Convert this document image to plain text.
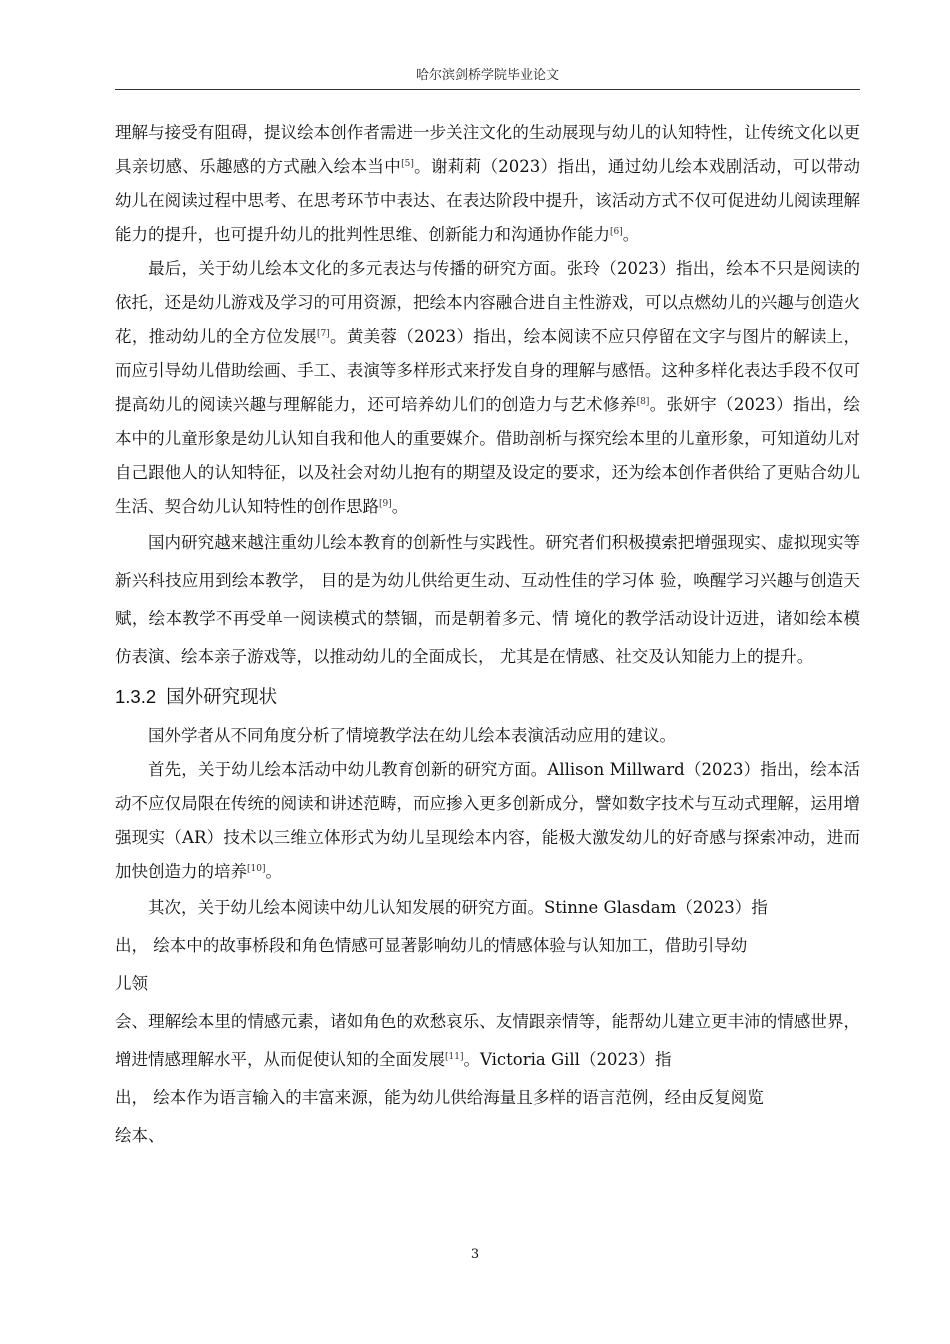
哈尔滨剑桥学院毕业论文

理解与接受有阻碍，提议绘本创作者需进一步关注文化的生动展现与幼儿的认知特性，让传统文化以更具亲切感、乐趣感的方式融入绘本当中[5]。谢莉莉（2023）指出，通过幼儿绘本戏剧活动，可以带动幼儿在阅读过程中思考、在思考环节中表达、在表达阶段中提升，该活动方式不仅可促进幼儿阅读理解能力的提升，也可提升幼儿的批判性思维、创新能力和沟通协作能力[6]。

最后，关于幼儿绘本文化的多元表达与传播的研究方面。张玲（2023）指出，绘本不只是阅读的依托，还是幼儿游戏及学习的可用资源，把绘本内容融合进自主性游戏，可以点燃幼儿的兴趣与创造火花，推动幼儿的全方位发展[7]。黄美蓉（2023）指出，绘本阅读不应只停留在文字与图片的解读上，而应引导幼儿借助绘画、手工、表演等多样形式来抒发自身的理解与感悟。这种多样化表达手段不仅可提高幼儿的阅读兴趣与理解能力，还可培养幼儿们的创造力与艺术修养[8]。张妍宇（2023）指出，绘本中的儿童形象是幼儿认知自我和他人的重要媒介。借助剖析与探究绘本里的儿童形象，可知道幼儿对自己跟他人的认知特征，以及社会对幼儿抱有的期望及设定的要求，还为绘本创作者供给了更贴合幼儿生活、契合幼儿认知特性的创作思路[9]。

国内研究越来越注重幼儿绘本教育的创新性与实践性。研究者们积极摸索把增强现实、虚拟现实等新兴科技应用到绘本教学， 目的是为幼儿供给更生动、互动性佳的学习体 验，唤醒学习兴趣与创造天赋，绘本教学不再受单一阅读模式的禁锢，而是朝着多元、情 境化的教学活动设计迈进，诸如绘本模仿表演、绘本亲子游戏等，以推动幼儿的全面成长， 尤其是在情感、社交及认知能力上的提升。

1.3.2 国外研究现状

国外学者从不同角度分析了情境教学法在幼儿绘本表演活动应用的建议。

首先，关于幼儿绘本活动中幼儿教育创新的研究方面。Allison Millward（2023）指出，绘本活动不应仅局限在传统的阅读和讲述范畴，而应掺入更多创新成分，譬如数字技术与互动式理解，运用增强现实（AR）技术以三维立体形式为幼儿呈现绘本内容，能极大激发幼儿的好奇感与探索冲动，进而加快创造力的培养[10]。

其次，关于幼儿绘本阅读中幼儿认知发展的研究方面。Stinne Glasdam（2023）指
出， 绘本中的故事桥段和角色情感可显著影响幼儿的情感体验与认知加工，借助引导幼
儿领

会、理解绘本里的情感元素，诸如角色的欢愁哀乐、友情跟亲情等，能帮幼儿建立更丰沛的情感世界，增进情感理解水平，从而促使认知的全面发展[11]。Victoria Gill（2023）指

出， 绘本作为语言输入的丰富来源，能为幼儿供给海量且多样的语言范例，经由反复阅览
绘本、
3
